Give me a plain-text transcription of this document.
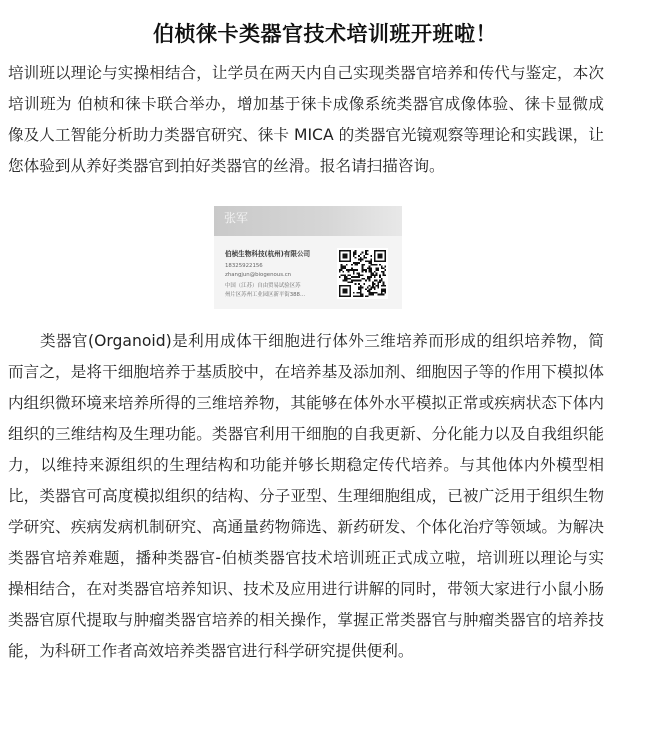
伯桢徕卡类器官技术培训班开班啦！

培训班以理论与实操相结合，让学员在两天内自己实现类器官培养和传代与鉴定，本次培训班为 伯桢和徕卡联合举办，增加基于徕卡成像系统类器官成像体验、徕卡显微成像及人工智能分析助力类器官研究、徕卡 MICA 的类器官光镜观察等理论和实践课，让您体验到从养好类器官到拍好类器官的丝滑。报名请扫描咨询。

张军
伯桢生物科技(杭州)有限公司
18325922156
zhangjun@biogenous.cn
中国（江苏）自由贸易试验区苏
州片区苏州工业园区新平街388...

类器官(Organoid)是利用成体干细胞进行体外三维培养而形成的组织培养物，简而言之，是将干细胞培养于基质胶中，在培养基及添加剂、细胞因子等的作用下模拟体内组织微环境来培养所得的三维培养物，其能够在体外水平模拟正常或疾病状态下体内组织的三维结构及生理功能。类器官利用干细胞的自我更新、分化能力以及自我组织能力，以维持来源组织的生理结构和功能并够长期稳定传代培养。与其他体内外模型相比，类器官可高度模拟组织的结构、分子亚型、生理细胞组成，已被广泛用于组织生物学研究、疾病发病机制研究、高通量药物筛选、新药研发、个体化治疗等领域。为解决类器官培养难题，播种类器官-伯桢类器官技术培训班正式成立啦，培训班以理论与实操相结合，在对类器官培养知识、技术及应用进行讲解的同时，带领大家进行小鼠小肠类器官原代提取与肿瘤类器官培养的相关操作，掌握正常类器官与肿瘤类器官的培养技能，为科研工作者高效培养类器官进行科学研究提供便利。
